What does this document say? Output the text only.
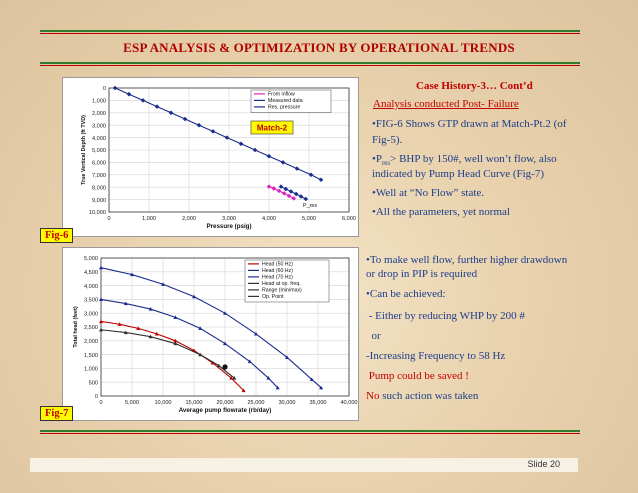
ESP ANALYSIS & OPTIMIZATION BY OPERATIONAL TRENDS
0
1,000
2,000
3,000
4,000
5,000
6,000
7,000
8,000
9,000
10,000
0	1,000	2,000	3,000	4,000	5,000	6,000
Pressure (psig)
True Vertical Depth (ft TVD)
From inflow
Measured data
Res. pressure
P_res
Match-2
Fig-6
Case History-3… Cont’d
Analysis conducted Post- Failure
•FIG-6 Shows GTP drawn at Match-Pt.2 (of
Fig-5).
$•P_{res}>$ BHP by 150#, well won’t flow, also
indicated by Pump Head Curve (Fig-7)
•Well at “No Flow” state.
•All the parameters, yet normal
0
500
1,000
1,500
2,000
2,500
3,000
3,500
4,000
4,500
5,000
0	5,000	10,000 15,000 20,000 25,000 30,000 35,000 40,000
Average pump flowrate (rb/day)
Total head (feet)
Head (50 Hz)
Head (60 Hz)
Head (70 Hz)
Head at op. freq.
Range (min/max)
Op. Point
Fig-7
•To make well flow, further higher drawdown
or drop in PIP is required
•Can be achieved:
- Either by reducing WHP by 200 #
or
-Increasing Frequency to 58 Hz
Pump could be saved !
No such action was taken
Slide 20
